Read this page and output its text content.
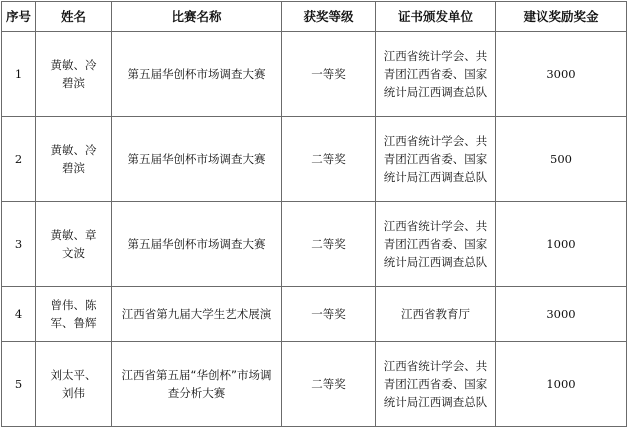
序号	姓名	比赛名称	获奖等级	证书颁发单位	建议奖励奖金
1	黄敏、冷碧滨	第五届华创杯市场调查大赛	一等奖	江西省统计学会、共青团江西省委、国家统计局江西调查总队	3000
2	黄敏、冷碧滨	第五届华创杯市场调查大赛	二等奖	江西省统计学会、共青团江西省委、国家统计局江西调查总队	500
3	黄敏、章文波	第五届华创杯市场调查大赛	二等奖	江西省统计学会、共青团江西省委、国家统计局江西调查总队	1000
4	曾伟、陈军、鲁辉	江西省第九届大学生艺术展演	一等奖	江西省教育厅	3000
5	刘太平、刘伟	江西省第五届“华创杯”市场调查分析大赛	二等奖	江西省统计学会、共青团江西省委、国家统计局江西调查总队	1000
